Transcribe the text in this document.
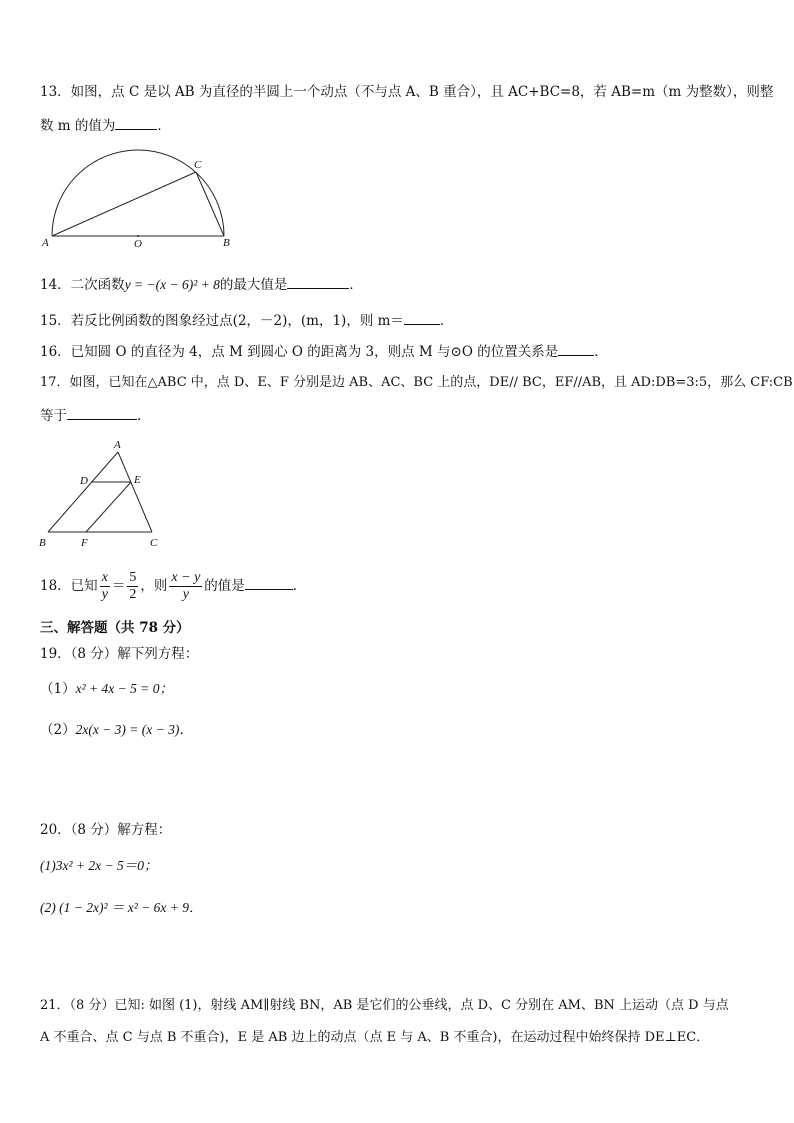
13．如图，点 C 是以 AB 为直径的半圆上一个动点（不与点 A、B 重合），且 AC+BC=8，若 AB=m（m 为整数），则整
数 m 的值为	．
A	O	B
C
14．二次函数y = −(x − 6)² + 8的最大值是	．
15．若反比例函数的图象经过点(2，－2)，(m，1)，则 m＝	．
16．已知圆 O 的直径为 4，点 M 到圆心 O 的距离为 3，则点 M 与⊙O 的位置关系是	．
17．如图，已知在△ABC 中，点 D、E、F 分别是边 AB、AC、BC 上的点，DE// BC，EF//AB，且 AD:DB=3:5，那么 CF:CB
等于	.
A
D	E
B	F	C
18．已知 $\frac{x}{y} = \frac{5}{2}$ ，则 $\frac{x - y}{y}$ 的值是	．
三、解答题（共 78 分）
19．（8 分）解下列方程：
（1）x² + 4x − 5 = 0；
（2）2x(x − 3) = (x − 3)．
20．（8 分）解方程：
(1)3x² + 2x − 5＝0；
(2) (1 − 2x)² ＝ x² − 6x + 9．
21．（8 分）已知: 如图 (1)，射线 AM∥射线 BN，AB 是它们的公垂线，点 D、C 分别在 AM、BN 上运动（点 D 与点
A 不重合、点 C 与点 B 不重合)，E 是 AB 边上的动点（点 E 与 A、B 不重合)，在运动过程中始终保持 DE⊥EC．
